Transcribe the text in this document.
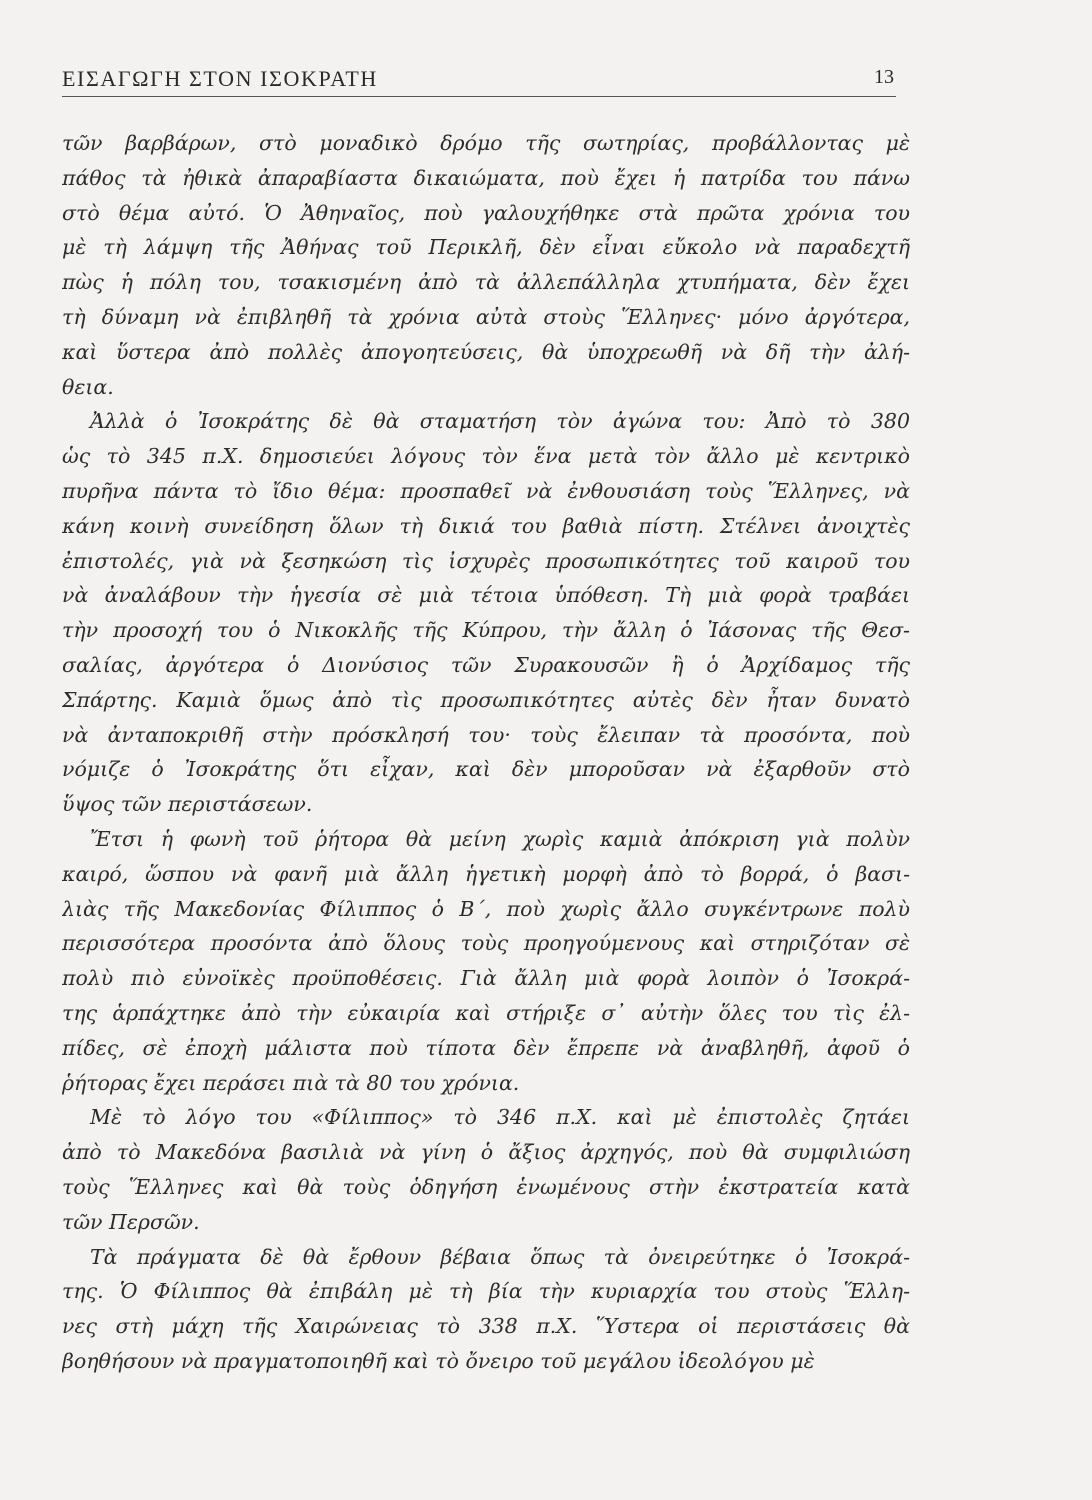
ΕΙΣΑΓΩΓΗ ΣΤΟΝ ΙΣΟΚΡΑΤΗ	13
τῶν βαρβάρων, στὸ μοναδικὸ δρόμο τῆς σωτηρίας, προβάλλοντας μὲ
πάθος τὰ ἠθικὰ ἀπαραβίαστα δικαιώματα, ποὺ ἔχει ἡ πατρίδα του πάνω
στὸ θέμα αὐτό. Ὁ Ἀθηναῖος, ποὺ γαλουχήθηκε στὰ πρῶτα χρόνια του
μὲ τὴ λάμψη τῆς Ἀθήνας τοῦ Περικλῆ, δὲν εἶναι εὔκολο νὰ παραδεχτῆ
πὼς ἡ πόλη του, τσακισμένη ἀπὸ τὰ ἀλλεπάλληλα χτυπήματα, δὲν ἔχει
τὴ δύναμη νὰ ἐπιβληθῆ τὰ χρόνια αὐτὰ στοὺς Ἕλληνες· μόνο ἀργότερα,
καὶ ὕστερα ἀπὸ πολλὲς ἀπογοητεύσεις, θὰ ὑποχρεωθῆ νὰ δῆ τὴν ἀλή-
θεια.
Ἀλλὰ ὁ Ἰσοκράτης δὲ θὰ σταματήση τὸν ἀγώνα του: Ἀπὸ τὸ 380
ὡς τὸ 345 π.Χ. δημοσιεύει λόγους τὸν ἕνα μετὰ τὸν ἄλλο μὲ κεντρικὸ
πυρῆνα πάντα τὸ ἴδιο θέμα: προσπαθεῖ νὰ ἐνθουσιάση τοὺς Ἕλληνες, νὰ
κάνη κοινὴ συνείδηση ὅλων τὴ δικιά του βαθιὰ πίστη. Στέλνει ἀνοιχτὲς
ἐπιστολές, γιὰ νὰ ξεσηκώση τὶς ἰσχυρὲς προσωπικότητες τοῦ καιροῦ του
νὰ ἀναλάβουν τὴν ἡγεσία σὲ μιὰ τέτοια ὑπόθεση. Τὴ μιὰ φορὰ τραβάει
τὴν προσοχή του ὁ Νικοκλῆς τῆς Κύπρου, τὴν ἄλλη ὁ Ἰάσονας τῆς Θεσ-
σαλίας, ἀργότερα ὁ Διονύσιος τῶν Συρακουσῶν ἢ ὁ Ἀρχίδαμος τῆς
Σπάρτης. Καμιὰ ὅμως ἀπὸ τὶς προσωπικότητες αὐτὲς δὲν ἦταν δυνατὸ
νὰ ἀνταποκριθῆ στὴν πρόσκλησή του· τοὺς ἔλειπαν τὰ προσόντα, ποὺ
νόμιζε ὁ Ἰσοκράτης ὅτι εἶχαν, καὶ δὲν μποροῦσαν νὰ ἐξαρθοῦν στὸ
ὕψος τῶν περιστάσεων.
Ἔτσι ἡ φωνὴ τοῦ ῥήτορα θὰ μείνη χωρὶς καμιὰ ἀπόκριση γιὰ πολὺν
καιρό, ὥσπου νὰ φανῆ μιὰ ἄλλη ἡγετικὴ μορφὴ ἀπὸ τὸ βορρά, ὁ βασι-
λιὰς τῆς Μακεδονίας Φίλιππος ὁ Β΄, ποὺ χωρὶς ἄλλο συγκέντρωνε πολὺ
περισσότερα προσόντα ἀπὸ ὅλους τοὺς προηγούμενους καὶ στηριζόταν σὲ
πολὺ πιὸ εὐνοϊκὲς προϋποθέσεις. Γιὰ ἄλλη μιὰ φορὰ λοιπὸν ὁ Ἰσοκρά-
της ἁρπάχτηκε ἀπὸ τὴν εὐκαιρία καὶ στήριξε σ᾽ αὐτὴν ὅλες του τὶς ἐλ-
πίδες, σὲ ἐποχὴ μάλιστα ποὺ τίποτα δὲν ἔπρεπε νὰ ἀναβληθῆ, ἀφοῦ ὁ
ῥήτορας ἔχει περάσει πιὰ τὰ 80 του χρόνια.
Μὲ τὸ λόγο του «Φίλιππος» τὸ 346 π.Χ. καὶ μὲ ἐπιστολὲς ζητάει
ἀπὸ τὸ Μακεδόνα βασιλιὰ νὰ γίνη ὁ ἄξιος ἀρχηγός, ποὺ θὰ συμφιλιώση
τοὺς Ἕλληνες καὶ θὰ τοὺς ὁδηγήση ἑνωμένους στὴν ἐκστρατεία κατὰ
τῶν Περσῶν.
Τὰ πράγματα δὲ θὰ ἔρθουν βέβαια ὅπως τὰ ὀνειρεύτηκε ὁ Ἰσοκρά-
της. Ὁ Φίλιππος θὰ ἐπιβάλη μὲ τὴ βία τὴν κυριαρχία του στοὺς Ἕλλη-
νες στὴ μάχη τῆς Χαιρώνειας τὸ 338 π.Χ. Ὕστερα οἱ περιστάσεις θὰ
βοηθήσουν νὰ πραγματοποιηθῆ καὶ τὸ ὄνειρο τοῦ μεγάλου ἰδεολόγου μὲ
